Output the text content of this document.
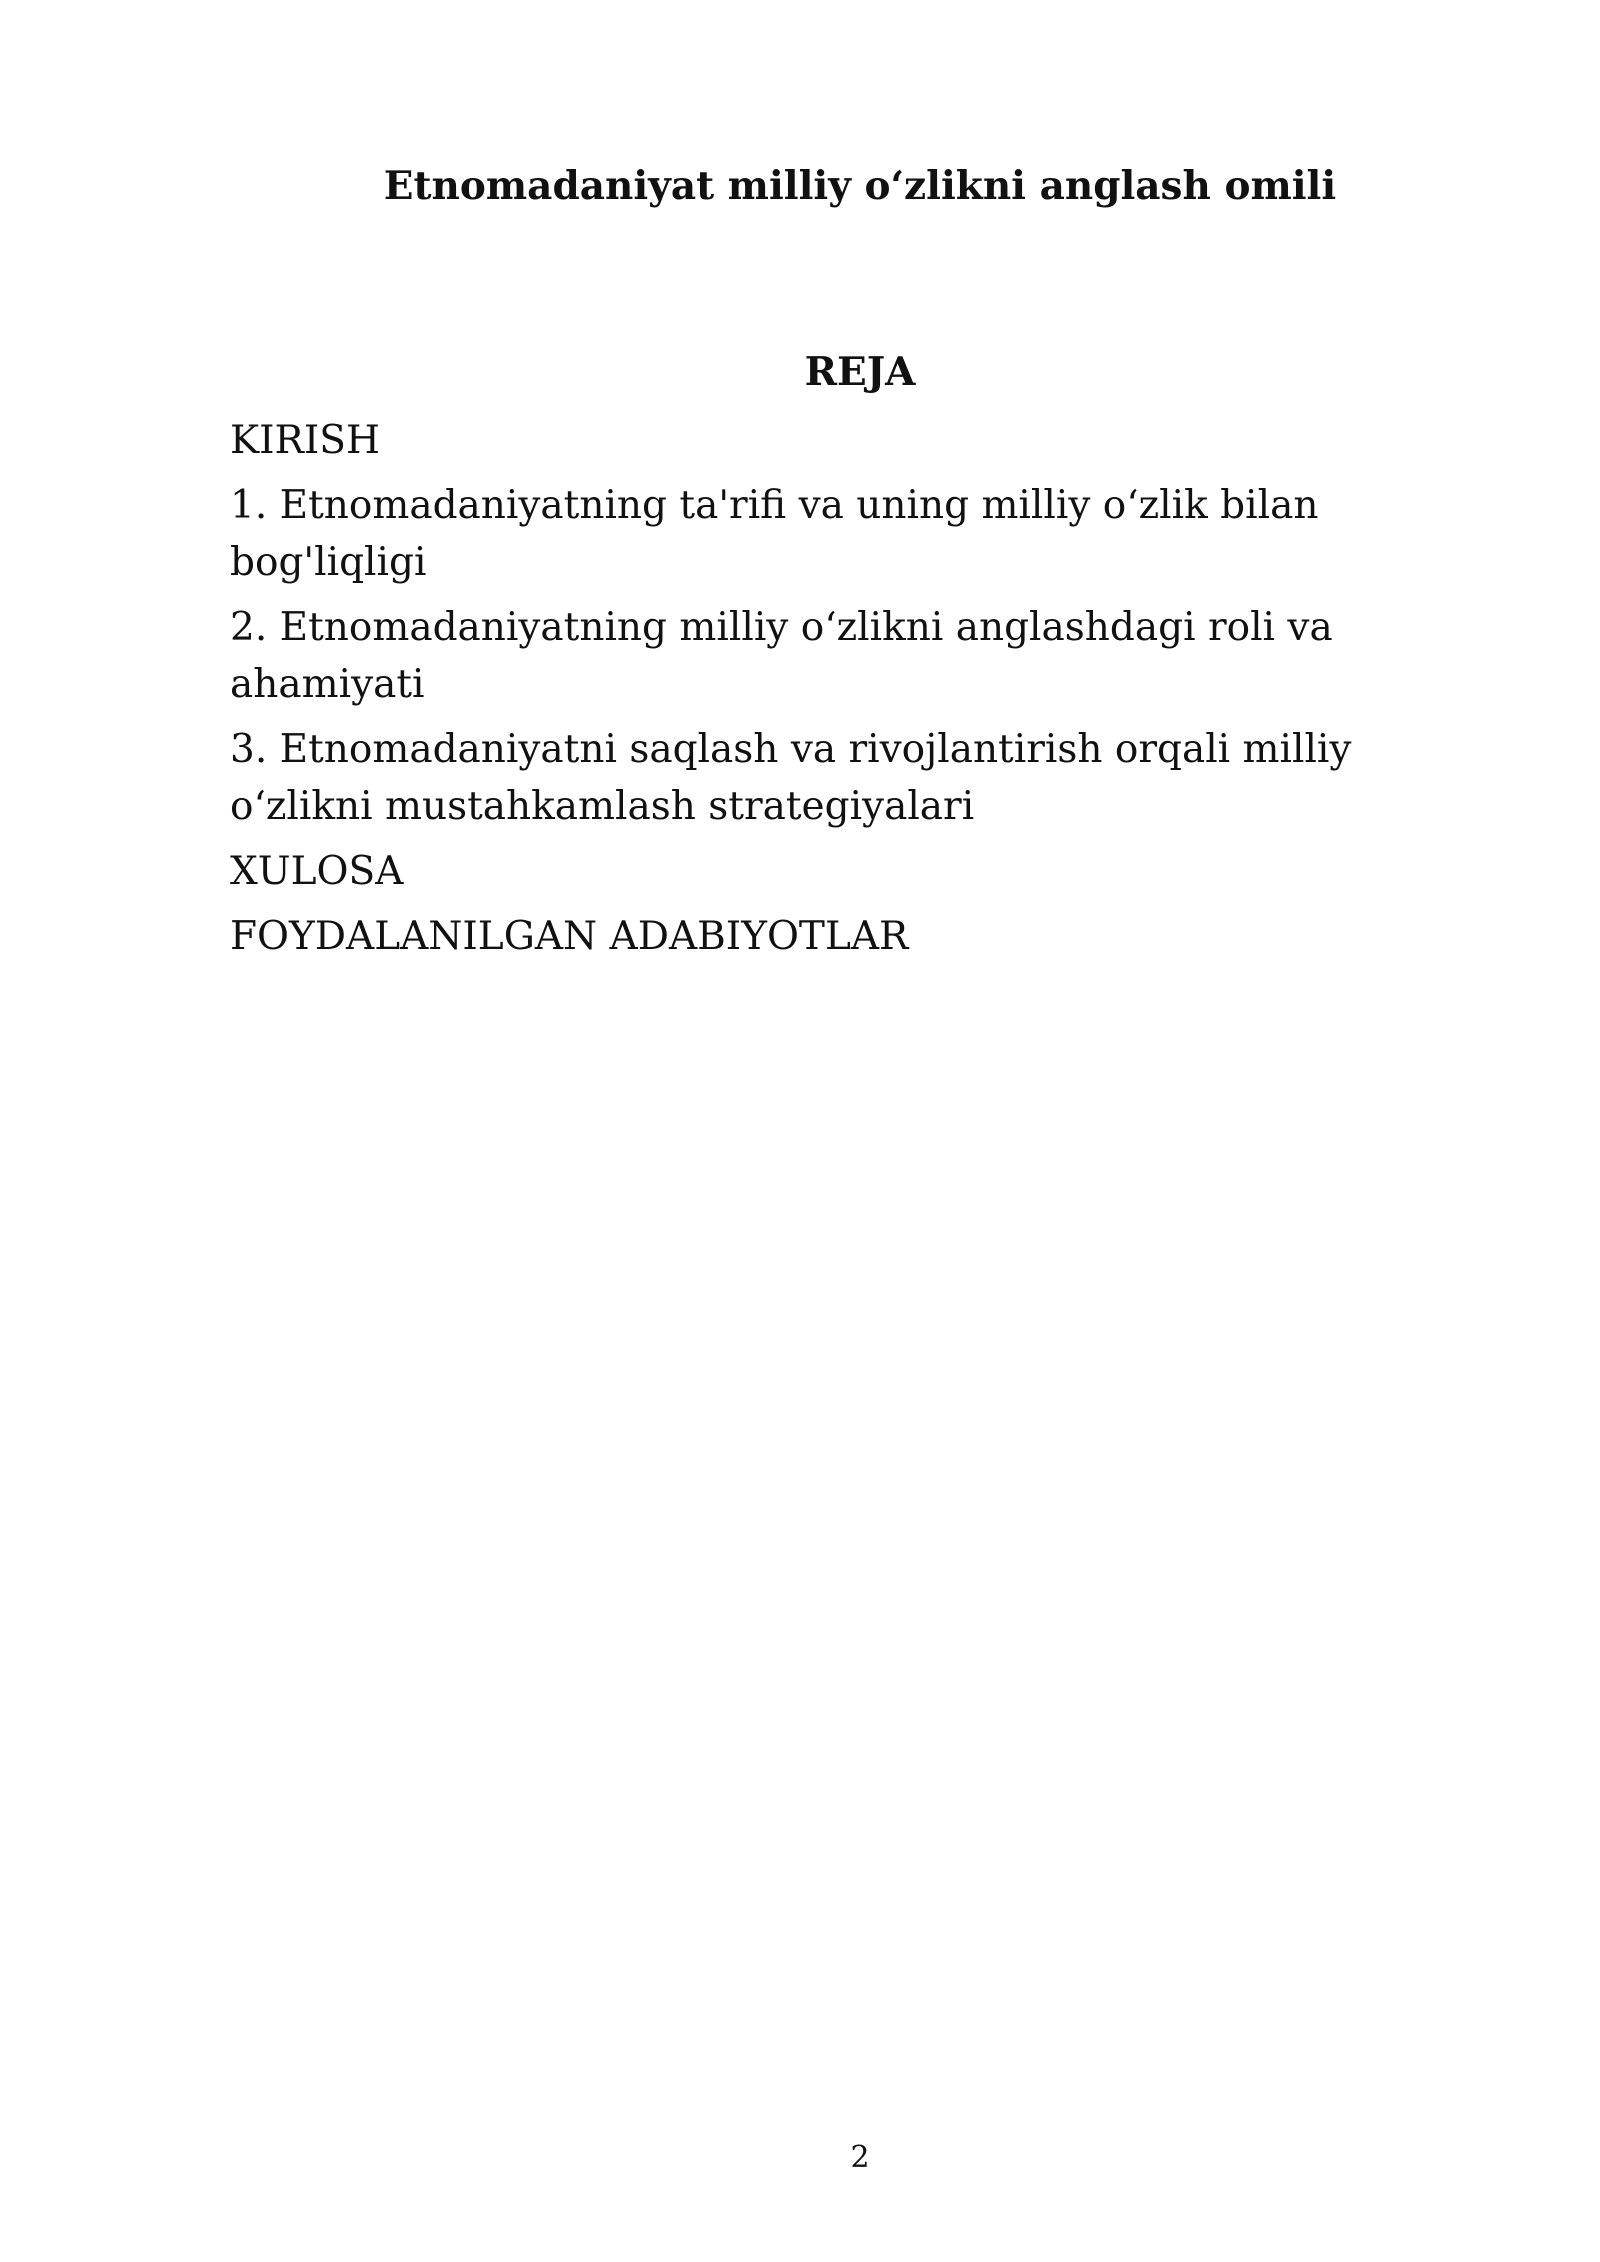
Etnomadaniyat milliy oʻzlikni anglash omili
REJA
KIRISH
1. Etnomadaniyatning ta'rifi va uning milliy oʻzlik bilan bog'liqligi
2. Etnomadaniyatning milliy oʻzlikni anglashdagi roli va ahamiyati
3. Etnomadaniyatni saqlash va rivojlantirish orqali milliy oʻzlikni mustahkamlash strategiyalari
XULOSA
FOYDALANILGAN ADABIYOTLAR
2
